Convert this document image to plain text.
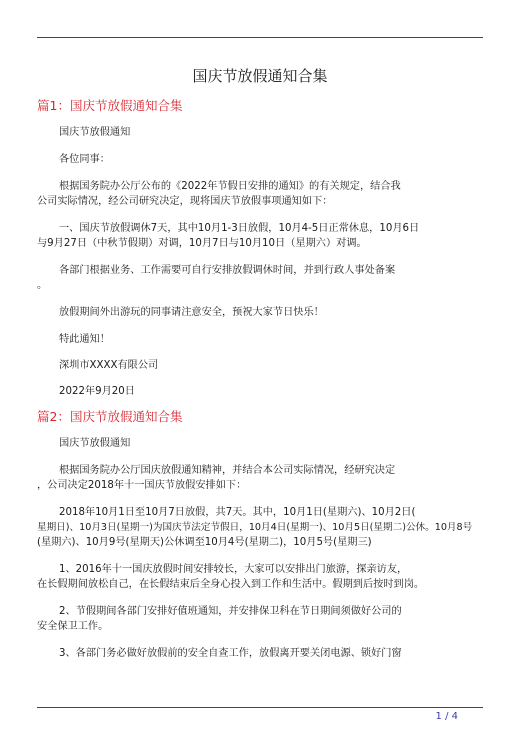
国庆节放假通知合集
篇1：国庆节放假通知合集
国庆节放假通知
各位同事：
根据国务院办公厅公布的《2022年节假日安排的通知》的有关规定，结合我
公司实际情况，经公司研究决定，现将国庆节放假事项通知如下：
一、国庆节放假调休7天，其中10月1-3日放假，10月4-5日正常休息，10月6日
与9月27日（中秋节假期）对调，10月7日与10月10日（星期六）对调。
各部门根据业务、工作需要可自行安排放假调休时间，并到行政人事处备案
。
放假期间外出游玩的同事请注意安全，预祝大家节日快乐！
特此通知！
深圳市XXXX有限公司
2022年9月20日
篇2：国庆节放假通知合集
国庆节放假通知
根据国务院办公厅国庆放假通知精神，并结合本公司实际情况，经研究决定
，公司决定2018年十一国庆节放假安排如下：
2018年10月1日至10月7日放假，共7天。其中，10月1日(星期六)、10月2日(
星期日)、10月3日(星期一)为国庆节法定节假日，10月4日(星期一)、10月5日(星期二)公休。10月8号
(星期六)、10月9号(星期天)公休调至10月4号(星期二)，10月5号(星期三)
1、2016年十一国庆放假时间安排较长，大家可以安排出门旅游，探亲访友，
在长假期间放松自己，在长假结束后全身心投入到工作和生活中。假期到后按时到岗。
2、节假期间各部门安排好值班通知，并安排保卫科在节日期间须做好公司的
安全保卫工作。
3、各部门务必做好放假前的安全自查工作，放假离开要关闭电源、锁好门窗
1 / 4
